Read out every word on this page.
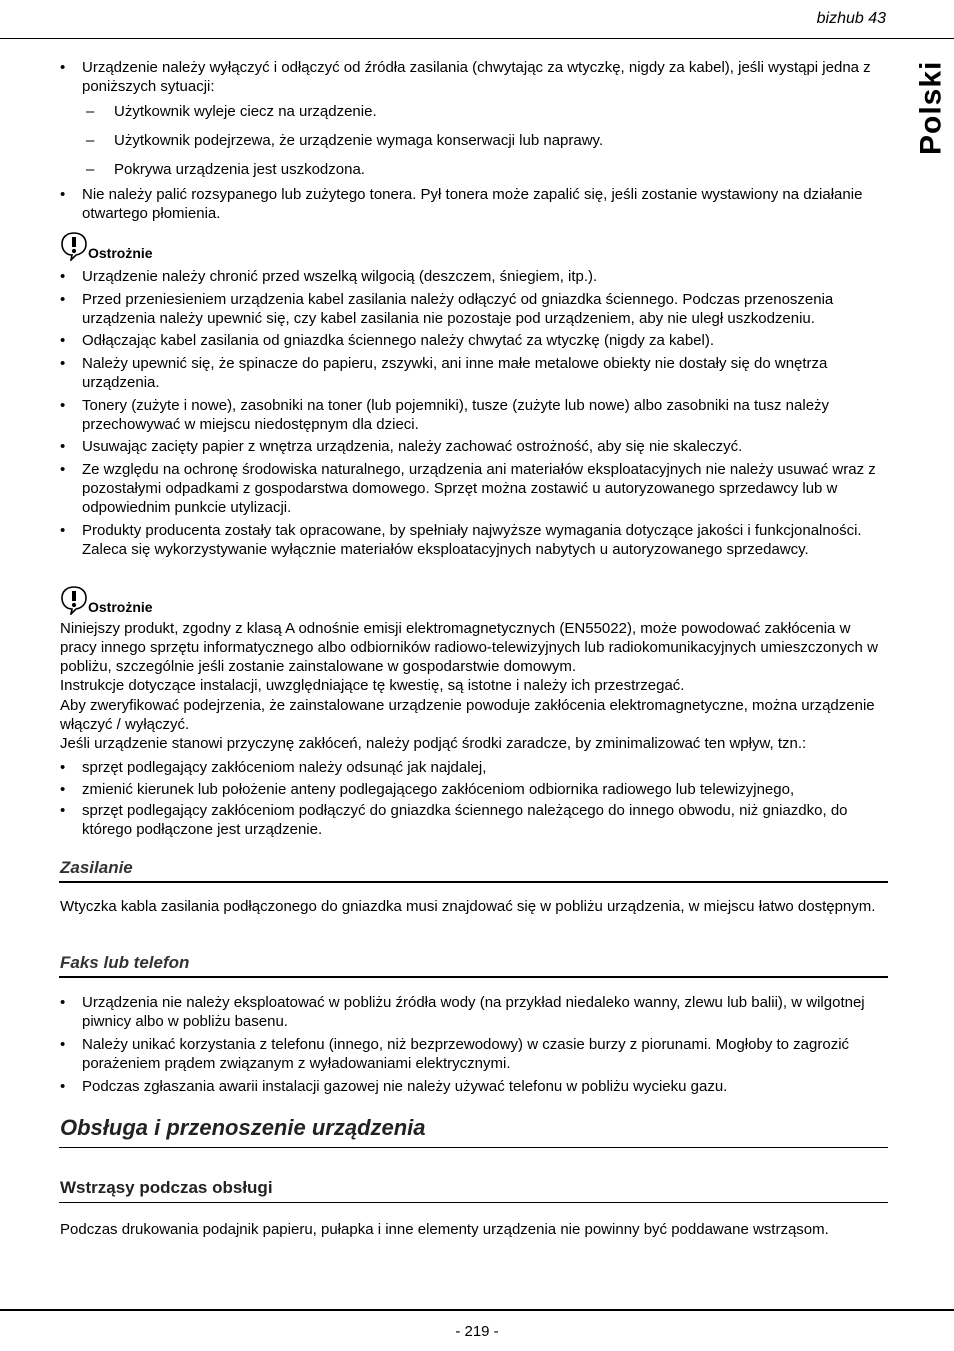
bizhub 43
Polski
•	Urządzenie należy wyłączyć i odłączyć od źródła zasilania (chwytając za wtyczkę, nigdy za kabel), jeśli wystąpi jedna z poniższych sytuacji:
–	Użytkownik wyleje ciecz na urządzenie.
–	Użytkownik podejrzewa, że urządzenie wymaga konserwacji lub naprawy.
–	Pokrywa urządzenia jest uszkodzona.
•	Nie należy palić rozsypanego lub zużytego tonera. Pył tonera może zapalić się, jeśli zostanie wystawiony na działanie otwartego płomienia.
Ostrożnie
•	Urządzenie należy chronić przed wszelką wilgocią (deszczem, śniegiem, itp.).
•	Przed przeniesieniem urządzenia kabel zasilania należy odłączyć od gniazdka ściennego. Podczas przenoszenia urządzenia należy upewnić się, czy kabel zasilania nie pozostaje pod urządzeniem, aby nie uległ uszkodzeniu.
•	Odłączając kabel zasilania od gniazdka ściennego należy chwytać za wtyczkę (nigdy za kabel).
•	Należy upewnić się, że spinacze do papieru, zszywki, ani inne małe metalowe obiekty nie dostały się do wnętrza urządzenia.
•	Tonery (zużyte i nowe), zasobniki na toner (lub pojemniki), tusze (zużyte lub nowe) albo zasobniki na tusz należy przechowywać w miejscu niedostępnym dla dzieci.
•	Usuwając zacięty papier z wnętrza urządzenia, należy zachować ostrożność, aby się nie skaleczyć.
•	Ze względu na ochronę środowiska naturalnego, urządzenia ani materiałów eksploatacyjnych nie należy usuwać wraz z pozostałymi odpadkami z gospodarstwa domowego. Sprzęt można zostawić u autoryzowanego sprzedawcy lub w odpowiednim punkcie utylizacji.
•	Produkty producenta zostały tak opracowane, by spełniały najwyższe wymagania dotyczące jakości i funkcjonalności. Zaleca się wykorzystywanie wyłącznie materiałów eksploatacyjnych nabytych u autoryzowanego sprzedawcy.
Ostrożnie
Niniejszy produkt, zgodny z klasą A odnośnie emisji elektromagnetycznych (EN55022), może powodować zakłócenia w pracy innego sprzętu informatycznego albo odbiorników radiowo-telewizyjnych lub radiokomunikacyjnych umieszczonych w pobliżu, szczególnie jeśli zostanie zainstalowane w gospodarstwie domowym.
Instrukcje dotyczące instalacji, uwzględniające tę kwestię, są istotne i należy ich przestrzegać.
Aby zweryfikować podejrzenia, że zainstalowane urządzenie powoduje zakłócenia elektromagnetyczne, można urządzenie włączyć / wyłączyć.
Jeśli urządzenie stanowi przyczynę zakłóceń, należy podjąć środki zaradcze, by zminimalizować ten wpływ, tzn.:
•	sprzęt podlegający zakłóceniom należy odsunąć jak najdalej,
•	zmienić kierunek lub położenie anteny podlegającego zakłóceniom odbiornika radiowego lub telewizyjnego,
•	sprzęt podlegający zakłóceniom podłączyć do gniazdka ściennego należącego do innego obwodu, niż gniazdko, do którego podłączone jest urządzenie.
Zasilanie
Wtyczka kabla zasilania podłączonego do gniazdka musi znajdować się w pobliżu urządzenia, w miejscu łatwo dostępnym.
Faks lub telefon
•	Urządzenia nie należy eksploatować w pobliżu źródła wody (na przykład niedaleko wanny, zlewu lub balii), w wilgotnej piwnicy albo w pobliżu basenu.
•	Należy unikać korzystania z telefonu (innego, niż bezprzewodowy) w czasie burzy z piorunami. Mogłoby to zagrozić porażeniem prądem związanym z wyładowaniami elektrycznymi.
•	Podczas zgłaszania awarii instalacji gazowej nie należy używać telefonu w pobliżu wycieku gazu.
Obsługa i przenoszenie urządzenia
Wstrząsy podczas obsługi
Podczas drukowania podajnik papieru, pułapka i inne elementy urządzenia nie powinny być poddawane wstrząsom.
- 219 -
